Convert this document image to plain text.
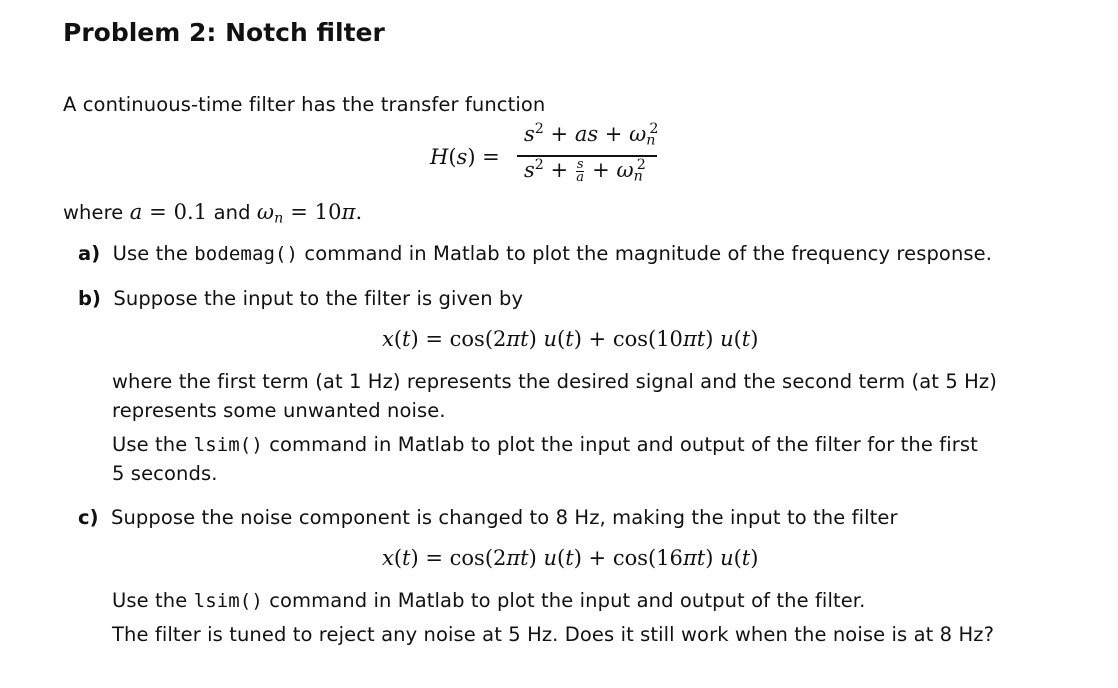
Problem 2: Notch filter
A continuous-time filter has the transfer function
H(s) =
$s^2$ + as + $\omega_n^2$
$s^2 + \frac{s}{a} + \omega_n^2$
where a = 0.1 and $\omega_n = 10\pi$.
a) Use the bodemag() command in Matlab to plot the magnitude of the frequency response.
b) Suppose the input to the filter is given by
x(t) = cos(2πt) u(t) + cos(10πt) u(t)
where the first term (at 1 Hz) represents the desired signal and the second term (at 5 Hz)
represents some unwanted noise.
Use the lsim() command in Matlab to plot the input and output of the filter for the first
5 seconds.
c) Suppose the noise component is changed to 8 Hz, making the input to the filter
x(t) = cos(2πt) u(t) + cos(16πt) u(t)
Use the lsim() command in Matlab to plot the input and output of the filter.
The filter is tuned to reject any noise at 5 Hz. Does it still work when the noise is at 8 Hz?
